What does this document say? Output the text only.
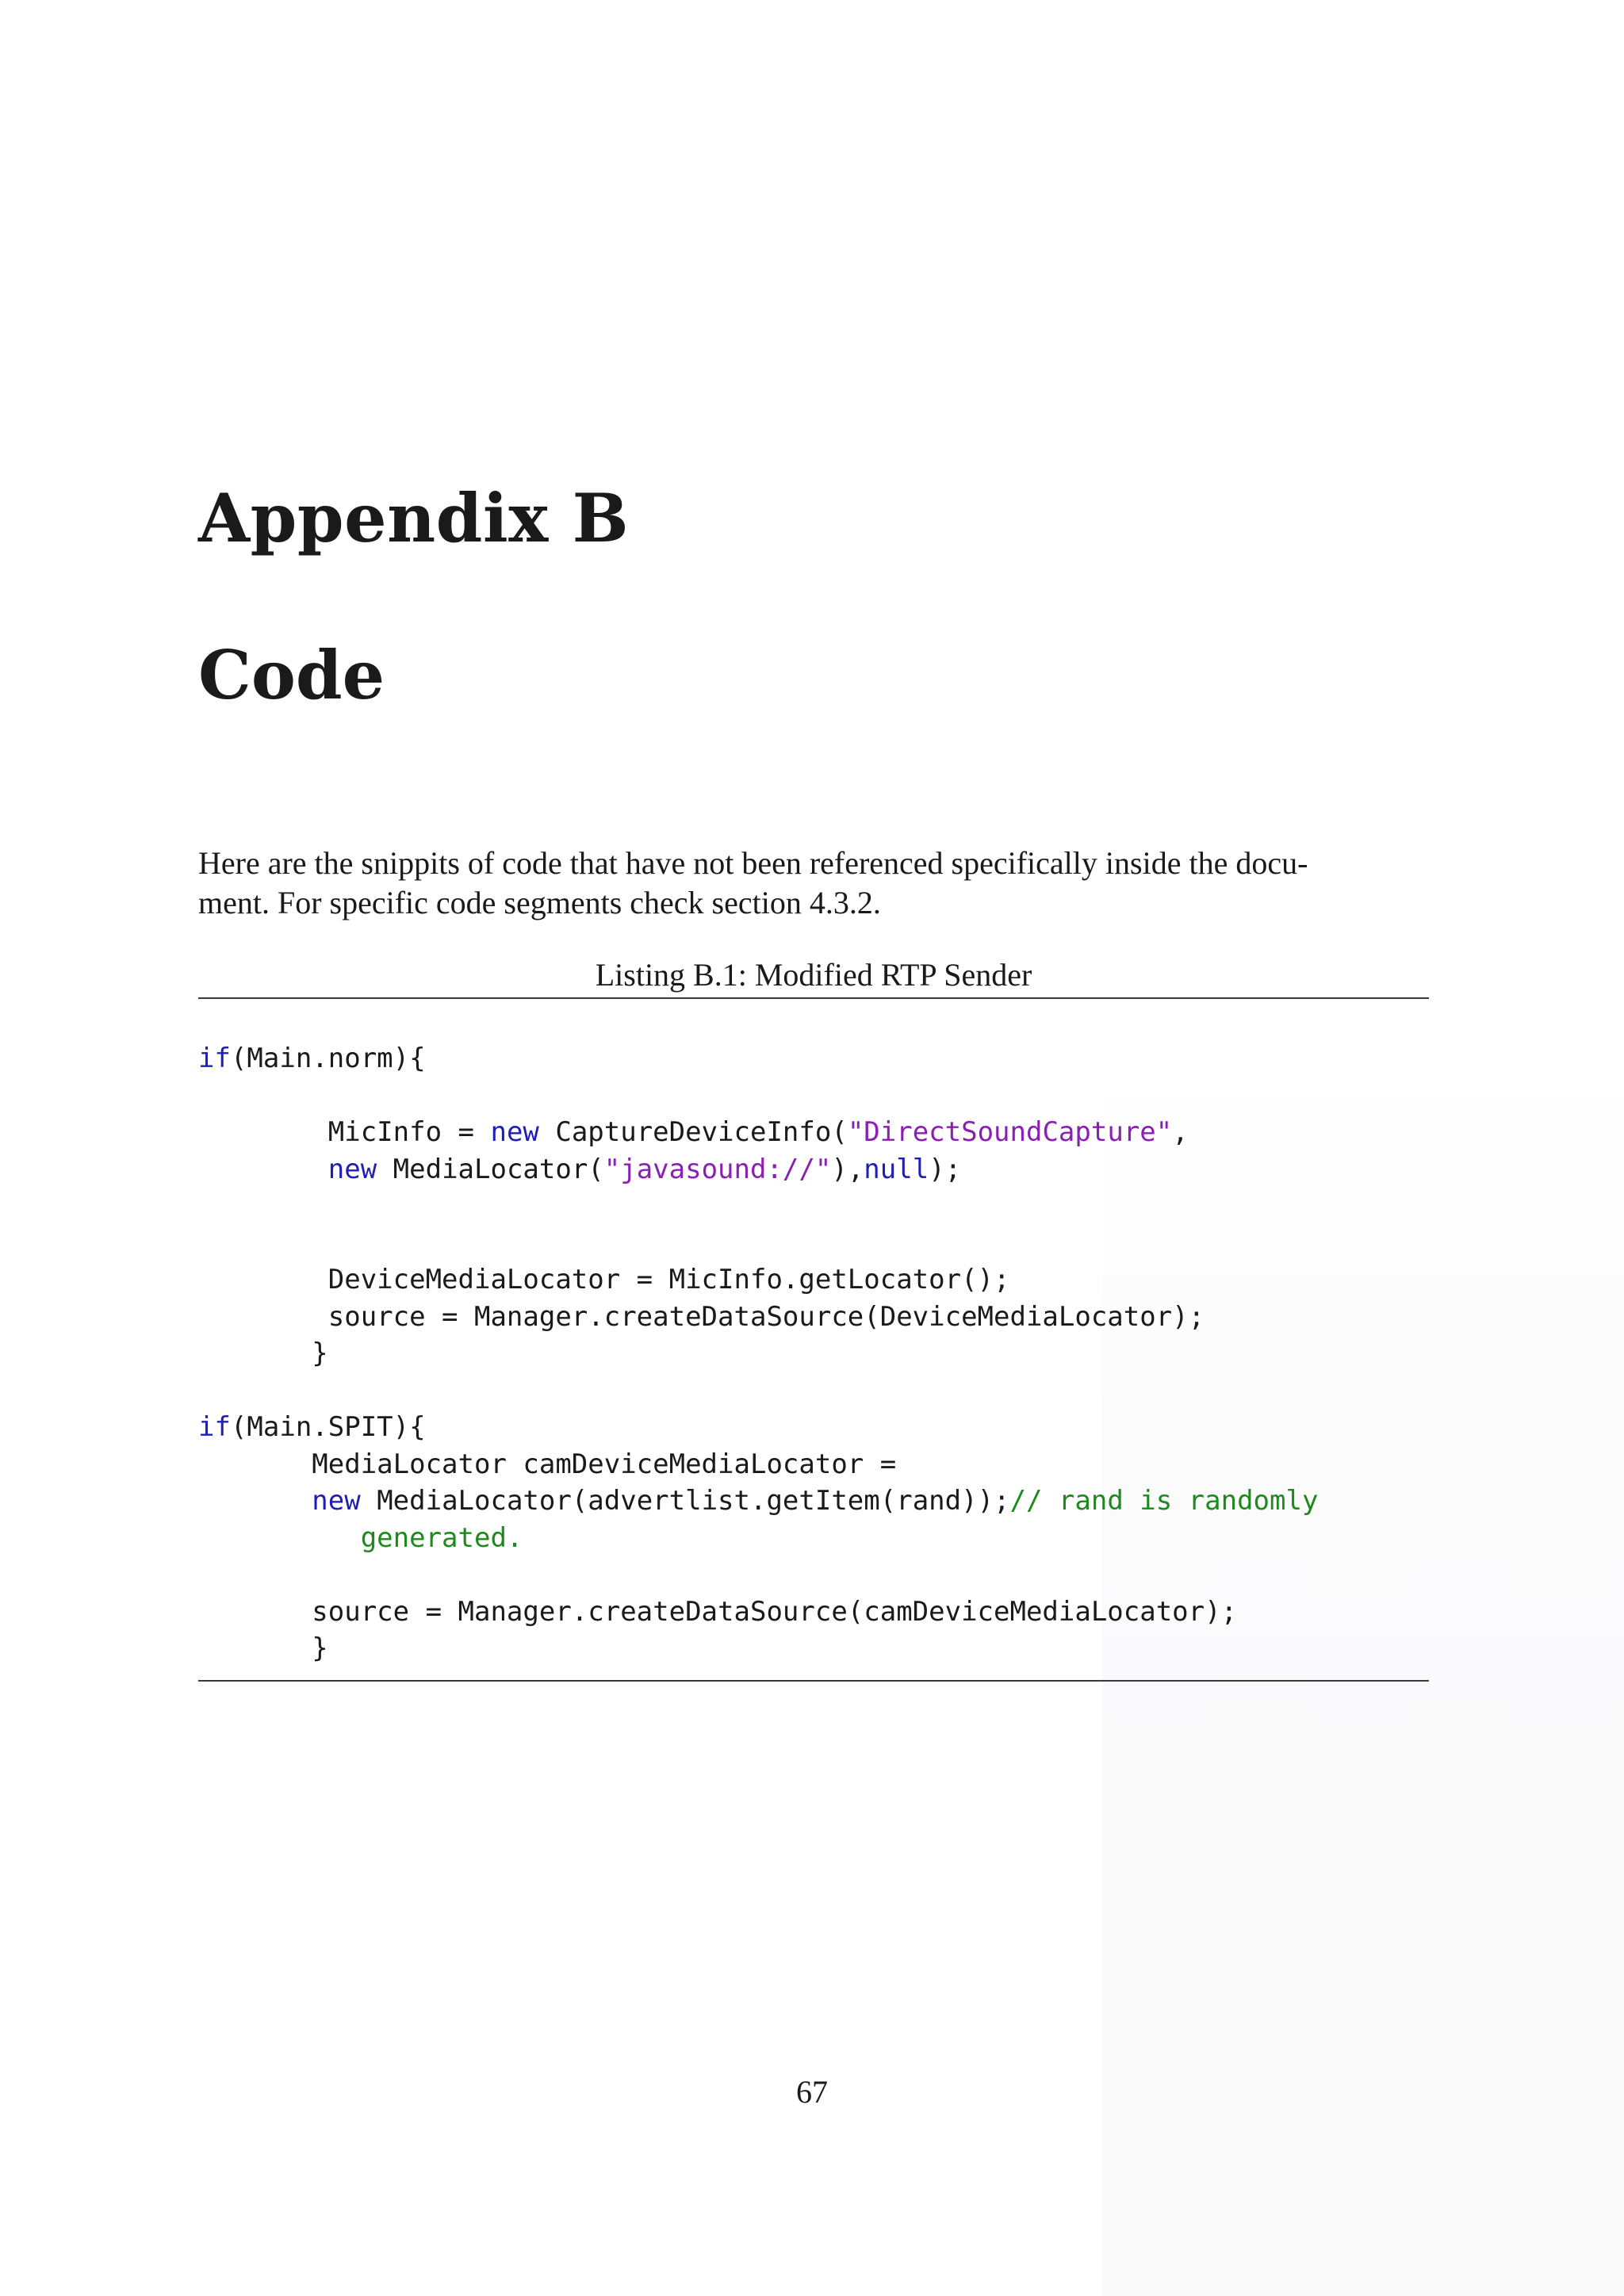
Appendix B
Code

Here are the snippits of code that have not been referenced specifically inside the docu-
ment. For specific code segments check section 4.3.2.

Listing B.1: Modified RTP Sender

if(Main.norm){
MicInfo = new CaptureDeviceInfo("DirectSoundCapture",
new MediaLocator("javasound://"),null);
DeviceMediaLocator = MicInfo.getLocator();
source = Manager.createDataSource(DeviceMediaLocator);
}
if(Main.SPIT){
MediaLocator camDeviceMediaLocator =
new MediaLocator(advertlist.getItem(rand));// rand is randomly
generated.
source = Manager.createDataSource(camDeviceMediaLocator);
}

67
